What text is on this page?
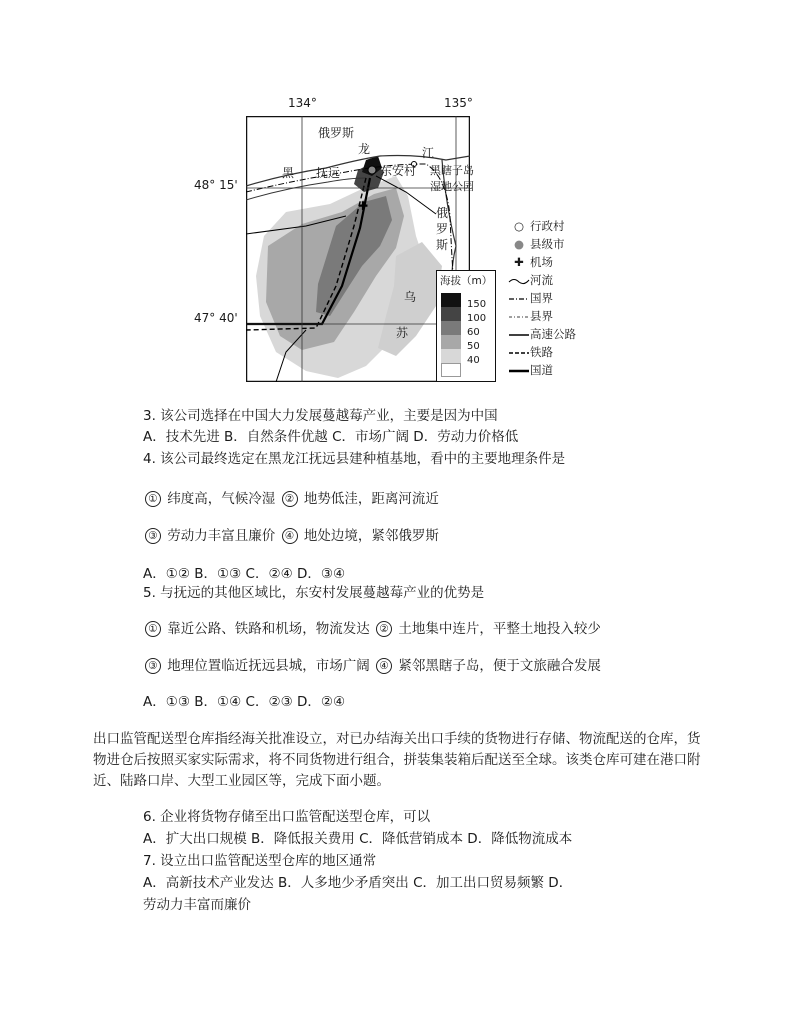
134°	135°
48° 15'
47° 40'
✚
俄罗斯
龙	江
黑 抚远	东安村 黑瞎子岛
湿地公园
俄
罗
斯
乌
苏
海拔（m）
150
100
60
50
40
○ 行政村
● 县级市
✚ 机场
河流
国界
县界
高速公路
铁路
国道
3. 该公司选择在中国大力发展蔓越莓产业，主要是因为中国
A．技术先进 B．自然条件优越 C．市场广阔 D．劳动力价格低
4. 该公司最终选定在黑龙江抚远县建种植基地，看中的主要地理条件是
① 纬度高，气候冷湿 ② 地势低洼，距离河流近
③ 劳动力丰富且廉价 ④ 地处边境，紧邻俄罗斯
A．①② B．①③ C．②④ D．③④
5. 与抚远的其他区域比，东安村发展蔓越莓产业的优势是
① 靠近公路、铁路和机场，物流发达 ② 土地集中连片，平整土地投入较少
③ 地理位置临近抚远县城，市场广阔 ④ 紧邻黑瞎子岛，便于文旅融合发展
A．①③ B．①④ C．②③ D．②④
出口监管配送型仓库指经海关批准设立，对已办结海关出口手续的货物进行存储、物流配送的仓库，货物进仓后按照买家实际需求，将不同货物进行组合，拼装集装箱后配送至全球。该类仓库可建在港口附近、陆路口岸、大型工业园区等，完成下面小题。
6. 企业将货物存储至出口监管配送型仓库，可以
A．扩大出口规模 B．降低报关费用 C．降低营销成本 D．降低物流成本
7. 设立出口监管配送型仓库的地区通常
A．高新技术产业发达 B．人多地少矛盾突出 C．加工出口贸易频繁 D．
劳动力丰富而廉价
